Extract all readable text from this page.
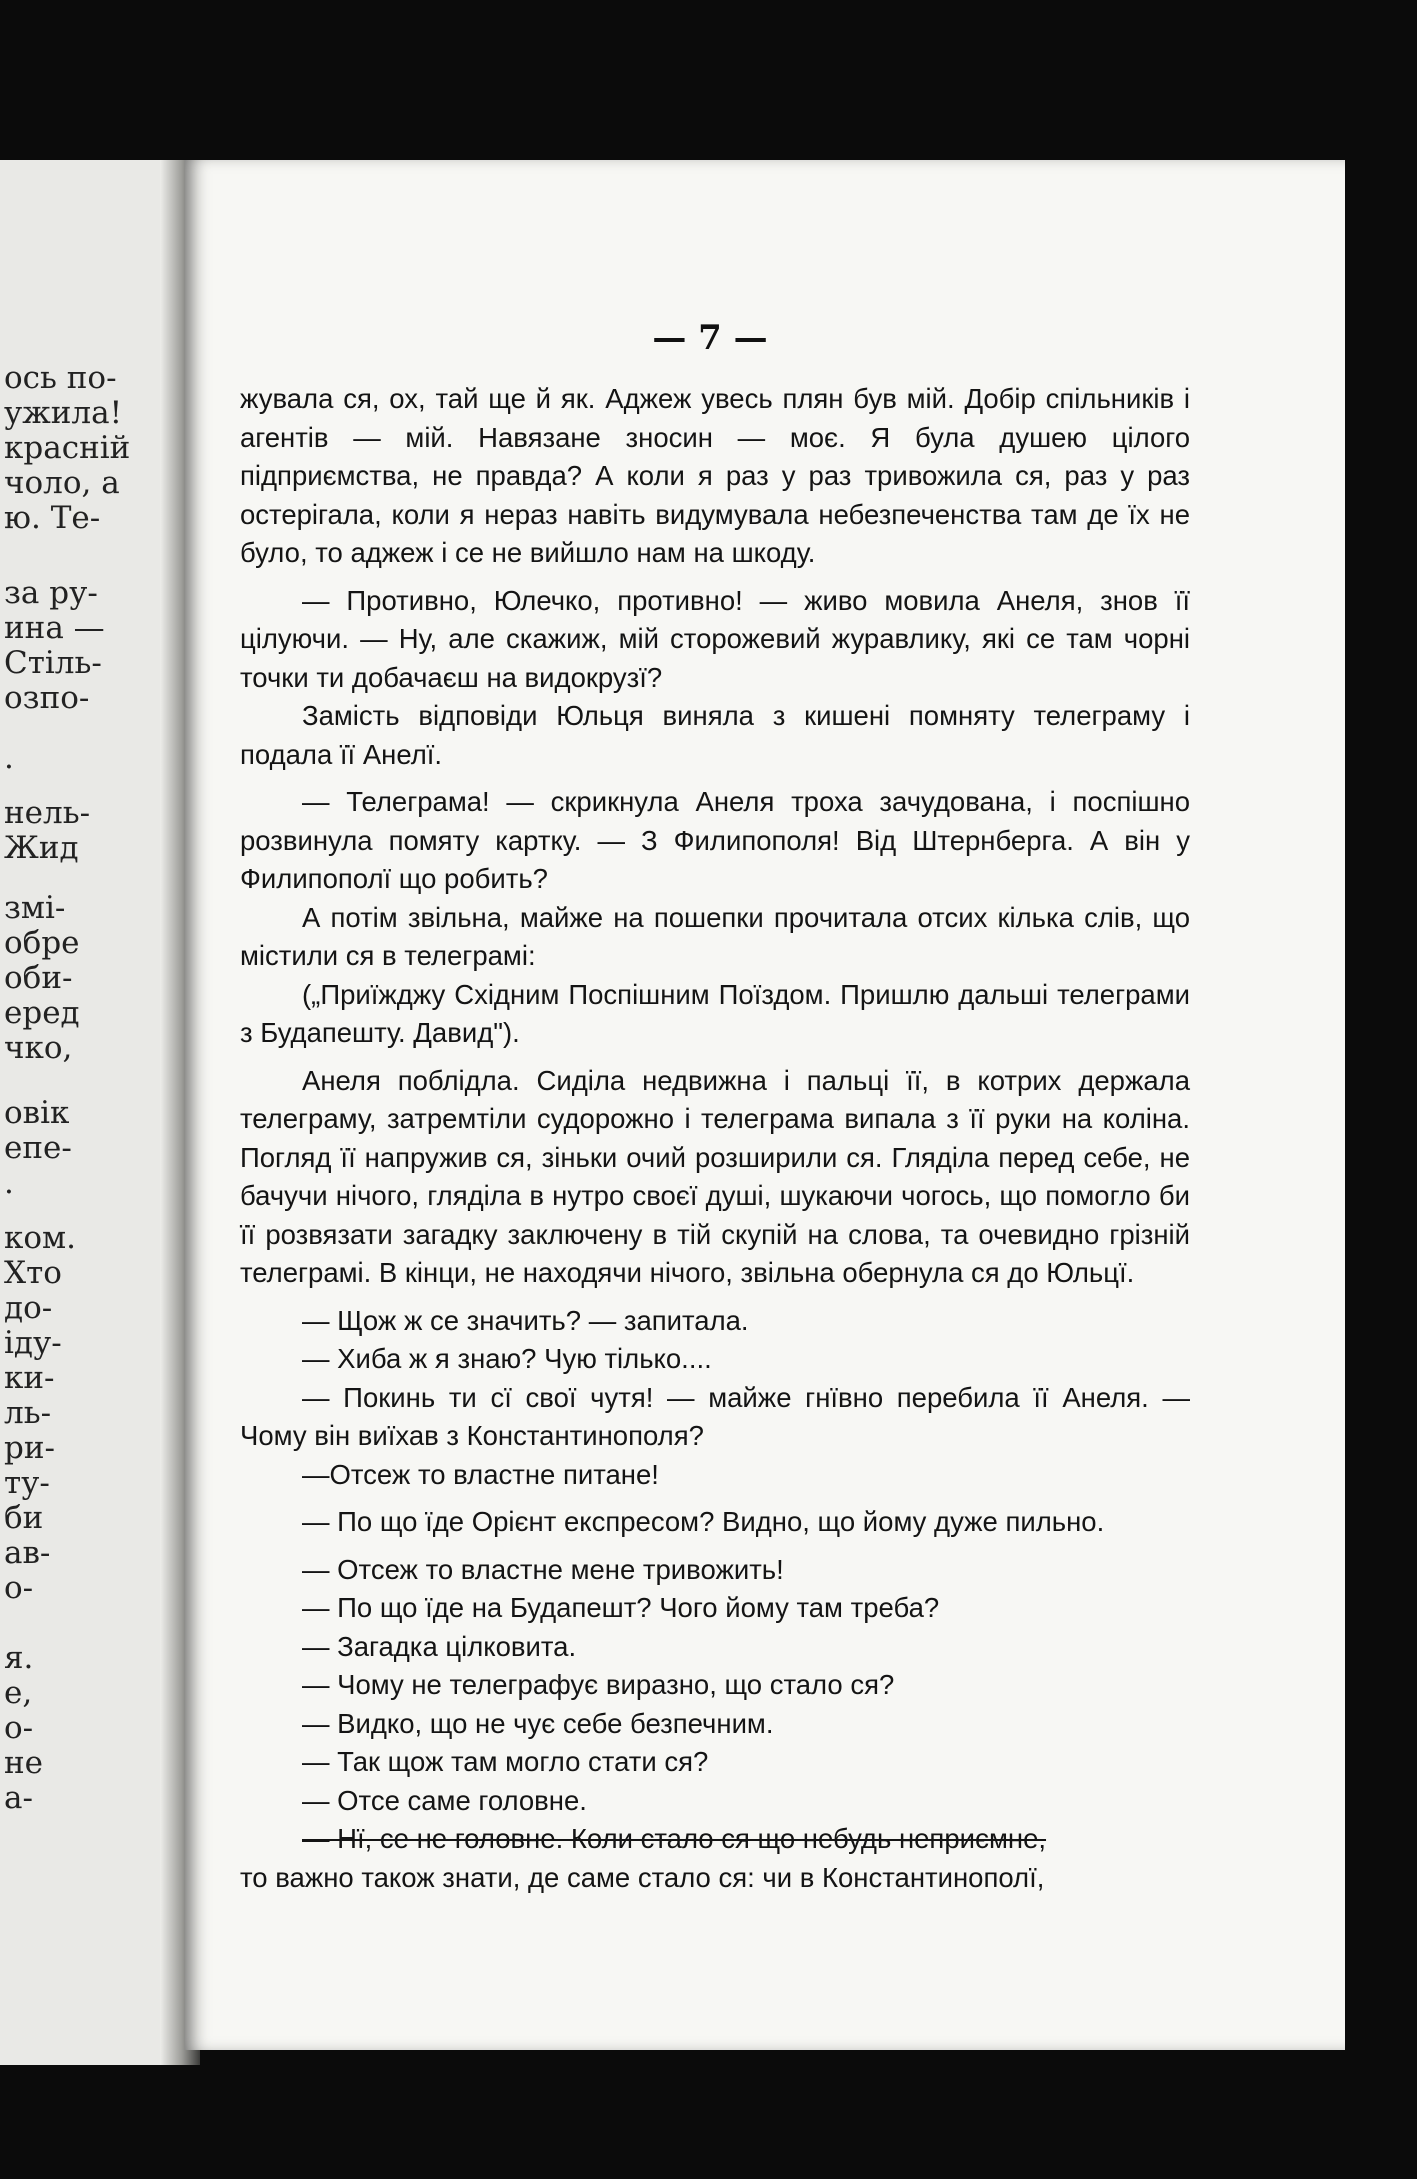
ось по-
ужила!
красній
чоло, а
ю. Те-
за ру-
ина —
Стіль-
озпо-
.
нель-
Жид
змі-
обре
оби-
еред
чко,
овік
епе-
.
ком.
Хто
до-
іду-
ки-
ль-
ри-
ту-
би
ав-
о-
я.
е,
о-
не
а-
— 7 —

жувала ся, ох, тай ще й як. Аджеж увесь плян був мій. Добір спільників і агентів — мій. Навязане зносин — моє. Я була душею цілого підприємства, не правда? А коли я раз у раз тривожила ся, раз у раз остерігала, коли я нераз навіть видумувала небезпеченства там де їх не було, то аджеж і се не вийшло нам на шкоду.

— Противно, Юлечко, противно! — живо мовила Анеля, знов її цілуючи. — Ну, але скажиж, мій сторожевий журавлику, які се там чорні точки ти добачаєш на видокрузї?

Замість відповіди Юльця виняла з кишені помняту телеграму і подала її Анелї.

— Телеграма! — скрикнула Анеля троха зачудована, і поспішно розвинула помяту картку. — З Филипополя! Від Штернберга. А він у Филипополї що робить?

А потім звільна, майже на пошепки прочитала отсих кілька слів, що містили ся в телеграмі:

(„Приїжджу Східним Поспішним Поїздом. Пришлю дальші телеграми з Будапешту. Давид").

Анеля поблідла. Сиділа недвижна і пальці її, в котрих держала телеграму, затремтіли судорожно і телеграма випала з її руки на коліна. Погляд її напружив ся, зіньки очий розширили ся. Гляділа перед себе, не бачучи нічого, гляділа в нутро своєї душі, шукаючи чогось, що помогло би її розвязати загадку заключену в тій скупій на слова, та очевидно грізній телеграмі. В кінци, не находячи нічого, звільна обернула ся до Юльцї.

— Щож ж се значить? — запитала.

— Хиба ж я знаю? Чую тілько....

— Покинь ти сї свої чутя! — майже гнївно перебила її Анеля. — Чому він виїхав з Константинополя?

—Отсеж то властне питане!

— По що їде Орієнт експресом? Видно, що йому дуже пильно.

— Отсеж то властне мене тривожить!

— По що їде на Будапешт? Чого йому там треба?

— Загадка цілковита.

— Чому не телеграфує виразно, що стало ся?

— Видко, що не чує себе безпечним.

— Так щож там могло стати ся?

— Отсе саме головне.

— Нї, се не головне. Коли стало ся що небудь неприємне,

то важно також знати, де саме стало ся: чи в Константинополї,
